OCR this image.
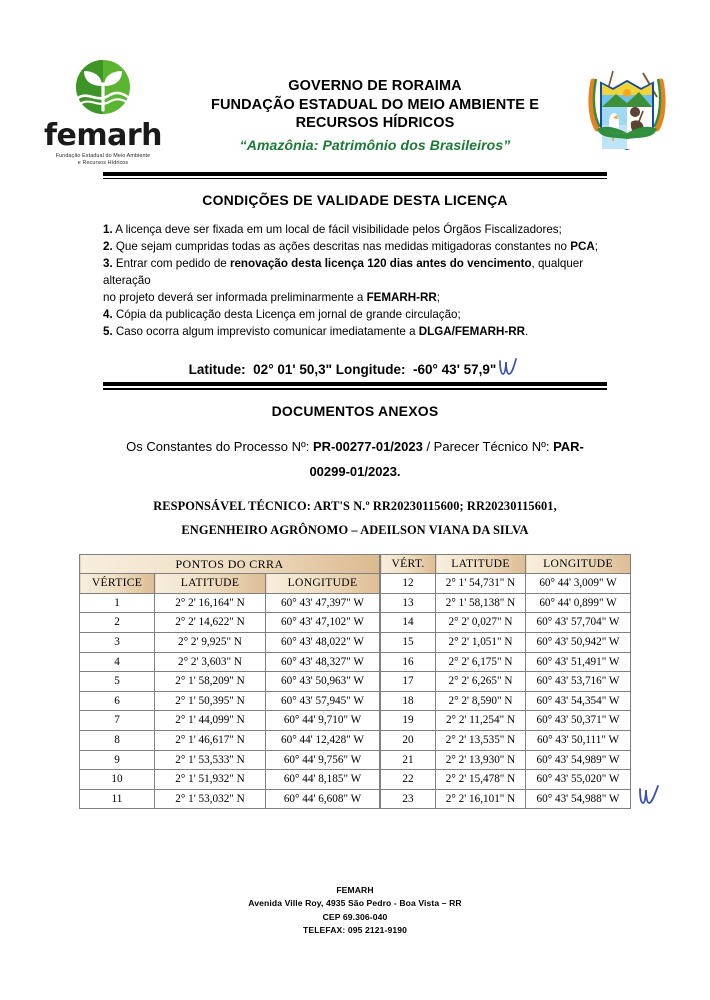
femarh
Fundação Estadual do Meio Ambiente
e Recursos Hídricos
GOVERNO DE RORAIMA
FUNDAÇÃO ESTADUAL DO MEIO AMBIENTE E
RECURSOS HÍDRICOS
“Amazônia: Patrimônio dos Brasileiros”
CONDIÇÕES DE VALIDADE DESTA LICENÇA

1. A licença deve ser fixada em um local de fácil visibilidade pelos Órgãos Fiscalizadores;

2. Que sejam cumpridas todas as ações descritas nas medidas mitigadoras constantes no PCA;

3. Entrar com pedido de renovação desta licença 120 dias antes do vencimento, qualquer alteração

no projeto deverá ser informada preliminarmente a FEMARH-RR;

4. Cópia da publicação desta Licença em jornal de grande circulação;

5. Caso ocorra algum imprevisto comunicar imediatamente a DLGA/FEMARH-RR.

Latitude: 02° 01' 50,3" Longitude: -60° 43' 57,9"
DOCUMENTOS ANEXOS
Os Constantes do Processo Nº: PR-00277-01/2023 / Parecer Técnico Nº: PAR-
00299-01/2023.
RESPONSÁVEL TÉCNICO: ART'S N.º RR20230115600; RR20230115601,
ENGENHEIRO AGRÔNOMO – ADEILSON VIANA DA SILVA
PONTOS DO CRRA		
VÉRTICE	LATITUDE	LONGITUDE
1	2° 2' 16,164" N	60° 43' 47,397" W
2	2° 2' 14,622" N	60° 43' 47,102" W
3	2° 2' 9,925" N	60° 43' 48,022" W
4	2° 2' 3,603" N	60° 43' 48,327" W
5	2° 1' 58,209" N	60° 43' 50,963" W
6	2° 1' 50,395" N	60° 43' 57,945" W
7	2° 1' 44,099" N	60° 44' 9,710" W
8	2° 1' 46,617" N	60° 44' 12,428" W
9	2° 1' 53,533" N	60° 44' 9,756" W
10	2° 1' 51,932" N	60° 44' 8,185" W
11	2° 1' 53,032" N	60° 44' 6,608" W
VÉRT.	LATITUDE	LONGITUDE
12	2° 1' 54,731" N	60° 44' 3,009" W
13	2° 1' 58,138" N	60° 44' 0,899" W
14	2° 2' 0,027" N	60° 43' 57,704" W
15	2° 2' 1,051" N	60° 43' 50,942" W
16	2° 2' 6,175" N	60° 43' 51,491" W
17	2° 2' 6,265" N	60° 43' 53,716" W
18	2° 2' 8,590" N	60° 43' 54,354" W
19	2° 2' 11,254" N	60° 43' 50,371" W
20	2° 2' 13,535" N	60° 43' 50,111" W
21	2° 2' 13,930" N	60° 43' 54,989" W
22	2° 2' 15,478" N	60° 43' 55,020" W
23	2° 2' 16,101" N	60° 43' 54,988" W
FEMARH
Avenida Ville Roy, 4935 São Pedro - Boa Vista – RR
CEP 69.306-040
TELEFAX: 095 2121-9190
